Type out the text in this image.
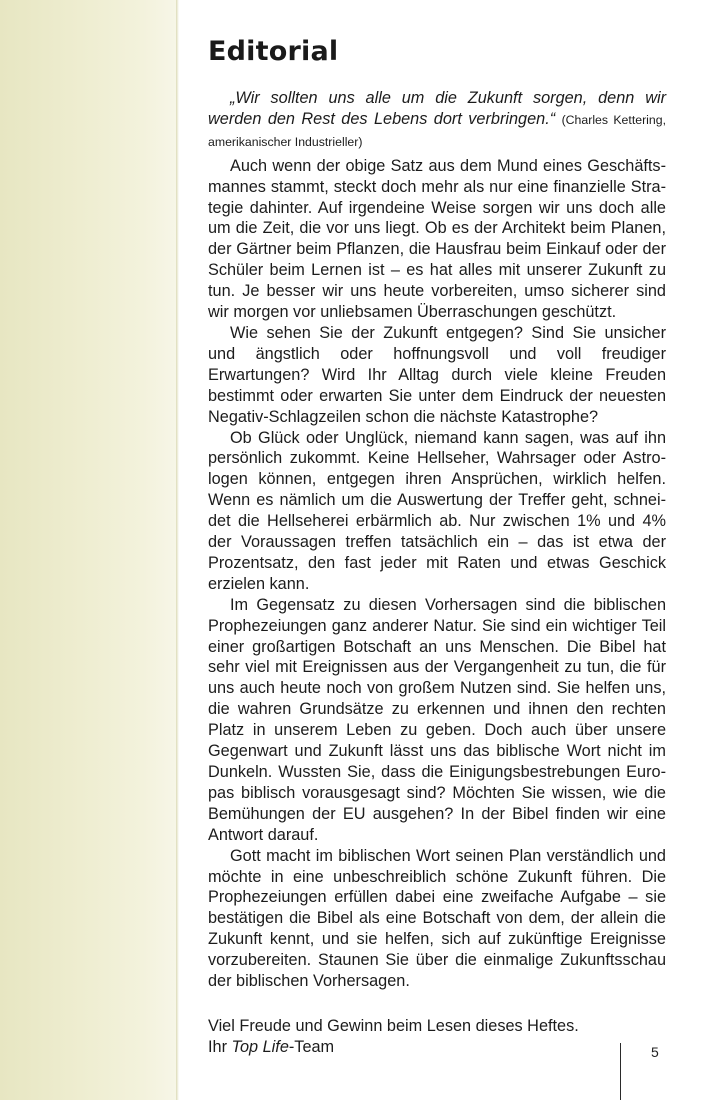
Editorial

„Wir sollten uns alle um die Zukunft sorgen, denn wir werden den Rest des Lebens dort verbringen.“ (Charles Kettering, amerikanischer Industrieller)

Auch wenn der obige Satz aus dem Mund eines Geschäftsmannes stammt, steckt doch mehr als nur eine finanzielle Strategie dahinter. Auf irgendeine Weise sorgen wir uns doch alle um die Zeit, die vor uns liegt. Ob es der Architekt beim Planen, der Gärtner beim Pflanzen, die Hausfrau beim Einkauf oder der Schüler beim Lernen ist – es hat alles mit unserer Zukunft zu tun. Je besser wir uns heute vorbereiten, umso sicherer sind wir morgen vor unliebsamen Überraschungen geschützt.

Wie sehen Sie der Zukunft entgegen? Sind Sie unsicher und ängstlich oder hoffnungsvoll und voll freudiger Erwartungen? Wird Ihr Alltag durch viele kleine Freuden bestimmt oder erwarten Sie unter dem Eindruck der neuesten Negativ-Schlagzeilen schon die nächste Katastrophe?

Ob Glück oder Unglück, niemand kann sagen, was auf ihn persönlich zukommt. Keine Hellseher, Wahrsager oder Astrologen können, entgegen ihren Ansprüchen, wirklich helfen. Wenn es nämlich um die Auswertung der Treffer geht, schneidet die Hellseherei erbärmlich ab. Nur zwischen 1% und 4% der Voraussagen treffen tatsächlich ein – das ist etwa der Prozentsatz, den fast jeder mit Raten und etwas Geschick erzielen kann.

Im Gegensatz zu diesen Vorhersagen sind die biblischen Prophezeiungen ganz anderer Natur. Sie sind ein wichtiger Teil einer großartigen Botschaft an uns Menschen. Die Bibel hat sehr viel mit Ereignissen aus der Vergangenheit zu tun, die für uns auch heute noch von großem Nutzen sind. Sie helfen uns, die wahren Grundsätze zu erkennen und ihnen den rechten Platz in unserem Leben zu geben. Doch auch über unsere Gegenwart und Zukunft lässt uns das biblische Wort nicht im Dunkeln. Wussten Sie, dass die Einigungsbestrebungen Europas biblisch vorausgesagt sind? Möchten Sie wissen, wie die Bemühungen der EU ausgehen? In der Bibel finden wir eine Antwort darauf.

Gott macht im biblischen Wort seinen Plan verständlich und möchte in eine unbeschreiblich schöne Zukunft führen. Die Prophezeiungen erfüllen dabei eine zweifache Aufgabe – sie bestätigen die Bibel als eine Botschaft von dem, der allein die Zukunft kennt, und sie helfen, sich auf zukünftige Ereignisse vorzubereiten. Staunen Sie über die einmalige Zukunftsschau der biblischen Vorhersagen.

Viel Freude und Gewinn beim Lesen dieses Heftes.
Ihr Top Life-Team	5
